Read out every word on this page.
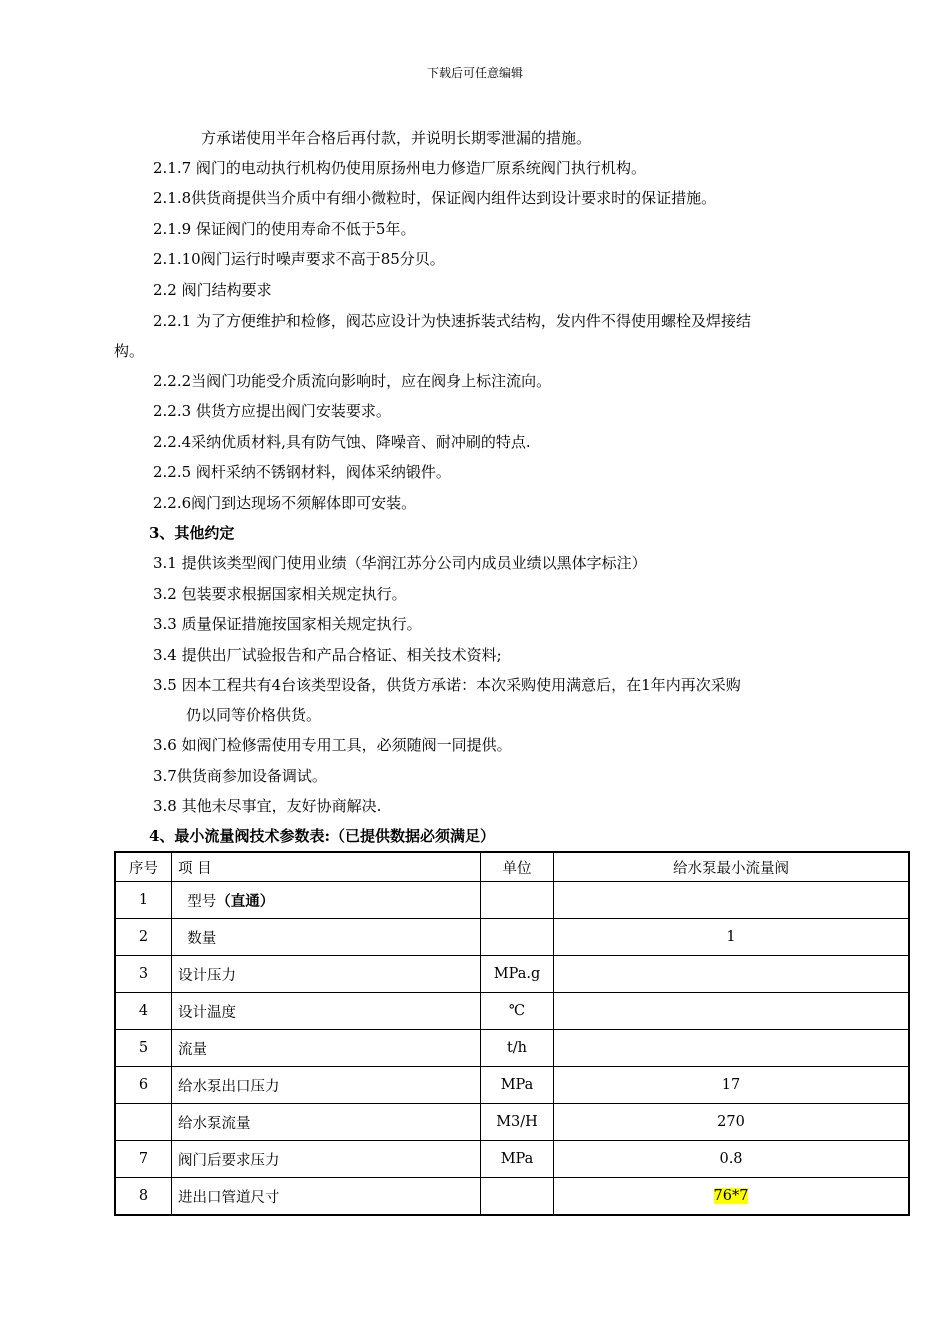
下载后可任意编辑
方承诺使用半年合格后再付款，并说明长期零泄漏的措施。
2.1.7 阀门的电动执行机构仍使用原扬州电力修造厂原系统阀门执行机构。
2.1.8供货商提供当介质中有细小微粒时，保证阀内组件达到设计要求时的保证措施。
2.1.9 保证阀门的使用寿命不低于5年。
2.1.10阀门运行时噪声要求不高于85分贝。
2.2 阀门结构要求
2.2.1 为了方便维护和检修，阀芯应设计为快速拆装式结构，发内件不得使用螺栓及焊接结
构。
2.2.2当阀门功能受介质流向影响时，应在阀身上标注流向。
2.2.3 供货方应提出阀门安装要求。
2.2.4采纳优质材料,具有防气蚀、降噪音、耐冲刷的特点.
2.2.5 阀杆采纳不锈钢材料，阀体采纳锻件。
2.2.6阀门到达现场不须解体即可安装。
3、其他约定
3.1 提供该类型阀门使用业绩（华润江苏分公司内成员业绩以黑体字标注）
3.2 包装要求根据国家相关规定执行。
3.3 质量保证措施按国家相关规定执行。
3.4 提供出厂试验报告和产品合格证、相关技术资料;
3.5 因本工程共有4台该类型设备，供货方承诺：本次采购使用满意后，在1年内再次采购
仍以同等价格供货。
3.6 如阀门检修需使用专用工具，必须随阀一同提供。
3.7供货商参加设备调试。
3.8 其他未尽事宜，友好协商解决.
4、最小流量阀技术参数表:（已提供数据必须满足）
序号	项 目	单位	给水泵最小流量阀
1	型号（直通）		
2	数量		1
3	设计压力	MPa.g	
4	设计温度	℃	
5	流量	t/h	
6	给水泵出口压力	MPa	17
	给水泵流量	M3/H	270
7	阀门后要求压力	MPa	0.8
8	进出口管道尺寸		76*7
